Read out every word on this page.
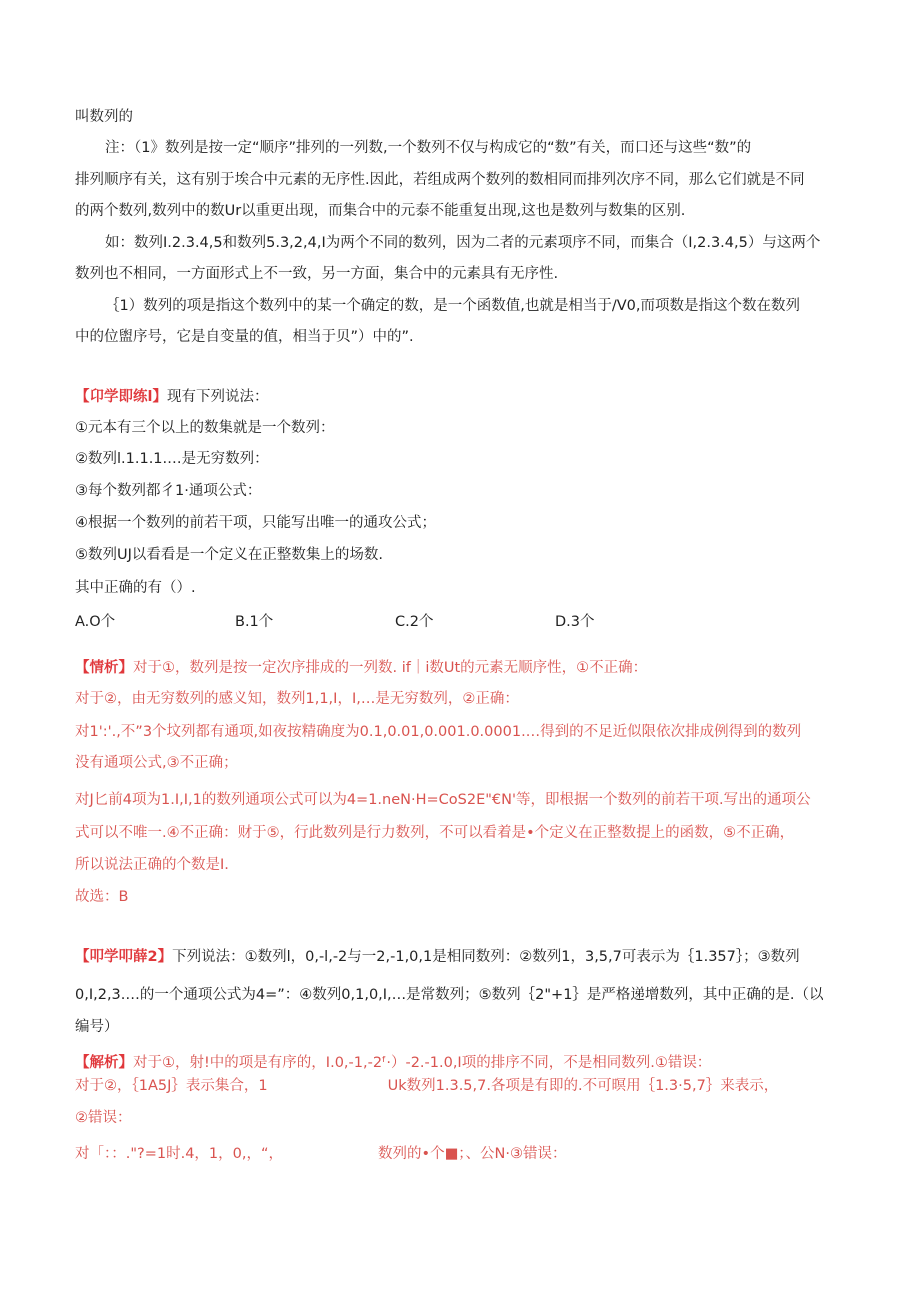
叫数列的

注：（1》数列是按一定“顺序”排列的一列数,一个数列不仅与构成它的“数”有关，而口还与这些“数”的

排列顺序有关，这有别于埃合中元素的无序性.因此，若组成两个数列的数相同而排列次序不同，那么它们就是不同

的两个数列,数列中的数Ur以重更出现，而集合中的元泰不能重复出现,这也是数列与数集的区别.

如：数列I.2.3.4,5和数列5.3,2,4,I为两个不同的数列，因为二者的元素项序不同，而集合（I,2.3.4,5）与这两个

数列也不相同，一方面形式上不一致，另一方面，集合中的元素具有无序性.

｛1）数列的项是指这个数列中的某一个确定的数，是一个函数值,也就是相当于/V0,而项数是指这个数在数列

中的位盥序号，它是自变量的值，相当于贝”）中的”.

【卬学即练l】现有下列说法：

①元本有三个以上的数集就是一个数列：

②数列l.1.1.1.…是无穷数列：

③每个数列都彳1·通项公式：

④根据一个数列的前若干项，只能写出唯一的通攻公式；

⑤数列UJ以看看是一个定义在正整数集上的场数.

其中正确的有（）.

A.O个	B.1个	C.2个	D.3个

【情析】对于①，数列是按一定次序排成的一列数. if｜i数Ut的元素无顺序性，①不正确：

对于②，由无穷数列的感义知，数列1,1,I，I,…是无穷数列，②正确：

对1':'.,不”3个坟列都有通项,如夜按精确度为0.1,0.01,0.001.0.0001.…得到的不足近似限依次排成例得到的数列

没有通项公式,③不正确；

对J匕前4项为1.I,I,1的数列通项公式可以为4=1.neN·H=CoS2Ε"€N'等，即根据一个数列的前若干项.写出的通项公

式可以不唯一.④不正确：财于⑤，行此数列是行力数列，不可以看着是•个定义在正整数提上的函数，⑤不正确，

所以说法正确的个数是I.

故选：B

【叩学叩薛2】下列说法：①数列l，0,-l,-2与一2,-1,0,1是相同数列：②数列1，3,5,7可表示为｛1.357｝；③数列

0,I,2,3.…的一个通项公式为4=”：④数列0,1,0,I,…是常数列；⑤数列｛2"+1｝是严格递增数列，其中正确的是.（以

编号）

【解析】对于①，射!中的项是有序的，I.0,-1,-2ᶠ·）-2.-1.0,I项的排序不同，不是相同数列.①错误：

对于②，｛1A5J｝表示集合，1	Uk数列1.3.5,7.各项是有即的.不可暝用｛1.3·5,7｝来表示，

②错误：

对「：：."?=1时.4，1，0,，“，	数列的•个■；、公N·③错误：
